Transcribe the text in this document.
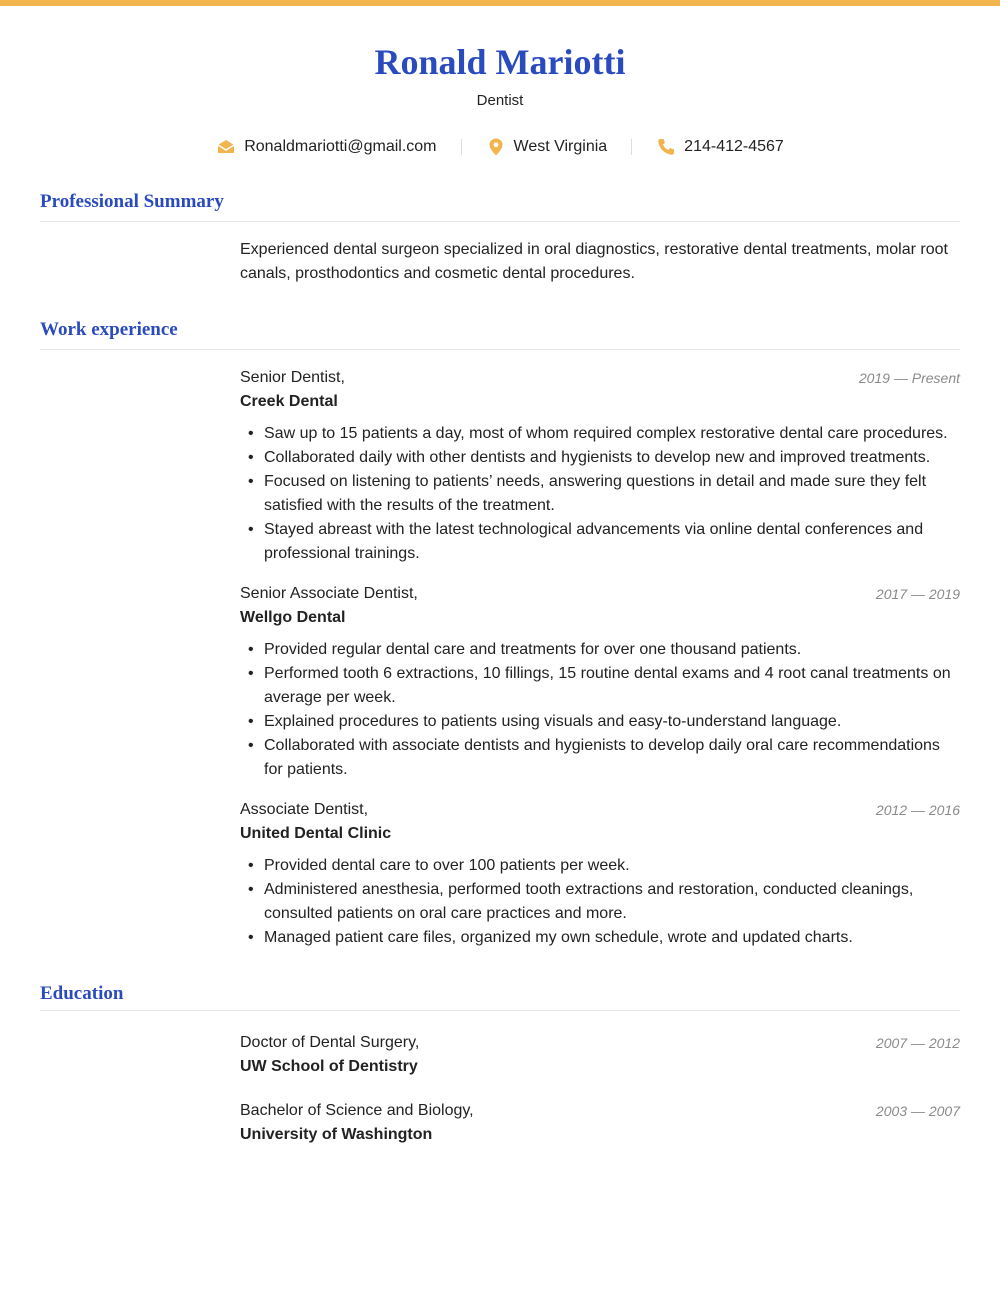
Ronald Mariotti
Dentist
Ronaldmariotti@gmail.com	West Virginia	214-412-4567
Professional Summary
Experienced dental surgeon specialized in oral diagnostics, restorative dental treatments, molar root canals, prosthodontics and cosmetic dental procedures.
Work experience
Senior Dentist,	2019 — Present
Creek Dental
• Saw up to 15 patients a day, most of whom required complex restorative dental care procedures.
• Collaborated daily with other dentists and hygienists to develop new and improved treatments.
• Focused on listening to patients’ needs, answering questions in detail and made sure they felt satisfied with the results of the treatment.
• Stayed abreast with the latest technological advancements via online dental conferences and professional trainings.
Senior Associate Dentist,	2017 — 2019
Wellgo Dental
• Provided regular dental care and treatments for over one thousand patients.
• Performed tooth 6 extractions, 10 fillings, 15 routine dental exams and 4 root canal treatments on average per week.
• Explained procedures to patients using visuals and easy-to-understand language.
• Collaborated with associate dentists and hygienists to develop daily oral care recommendations for patients.
Associate Dentist,	2012 — 2016
United Dental Clinic
• Provided dental care to over 100 patients per week.
• Administered anesthesia, performed tooth extractions and restoration, conducted cleanings, consulted patients on oral care practices and more.
• Managed patient care files, organized my own schedule, wrote and updated charts.
Education
Doctor of Dental Surgery,	2007 — 2012
UW School of Dentistry
Bachelor of Science and Biology,	2003 — 2007
University of Washington
